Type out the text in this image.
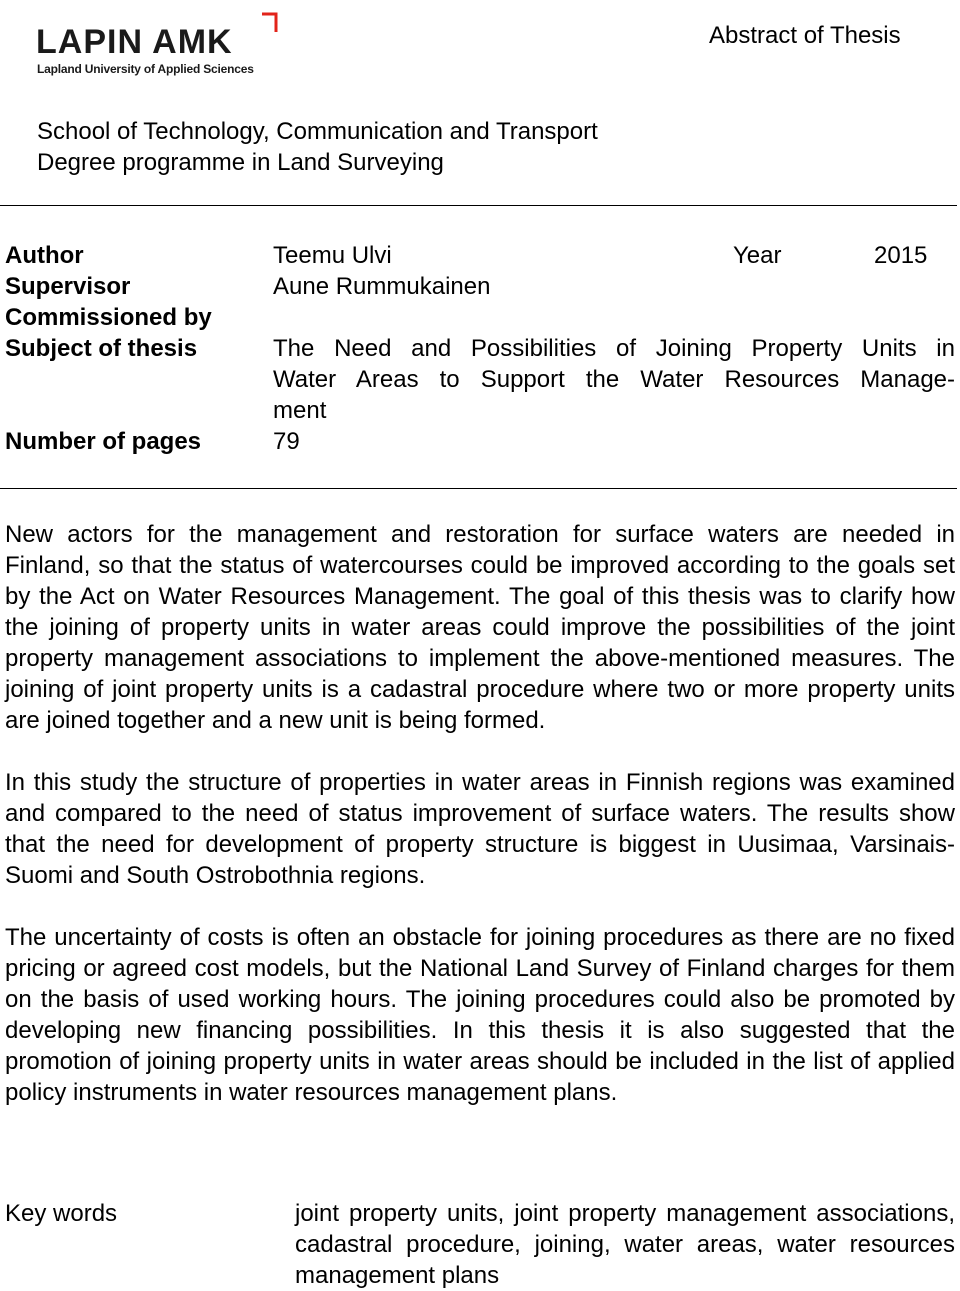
LAPIN AMK
Lapland University of Applied Sciences
Abstract of Thesis
School of Technology, Communication and Transport
Degree programme in Land Surveying
Author	Teemu Ulvi	Year	2015
Supervisor	Aune Rummukainen
Commissioned by
Subject of thesis	The Need and Possibilities of Joining Property Units in
Water Areas to Support the Water Resources Manage-
ment
Number of pages	79

New actors for the management and restoration for surface waters are needed in Finland, so that the status of watercourses could be improved according to the goals set by the Act on Water Resources Management. The goal of this thesis was to clarify how the joining of property units in water areas could improve the possibilities of the joint property management associations to implement the above-mentioned measures. The joining of joint property units is a cadastral procedure where two or more property units are joined together and a new unit is being formed.

In this study the structure of properties in water areas in Finnish regions was examined and compared to the need of status improvement of surface waters. The results show that the need for development of property structure is biggest in Uusimaa, Varsinais-Suomi and South Ostrobothnia regions.

The uncertainty of costs is often an obstacle for joining procedures as there are no fixed pricing or agreed cost models, but the National Land Survey of Finland charges for them on the basis of used working hours. The joining procedures could also be promoted by developing new financing possibilities. In this thesis it is also suggested that the promotion of joining property units in water areas should be included in the list of applied policy instruments in water resources management plans.

Key words	joint property units, joint property management associations, cadastral procedure, joining, water areas, water resources management plans
